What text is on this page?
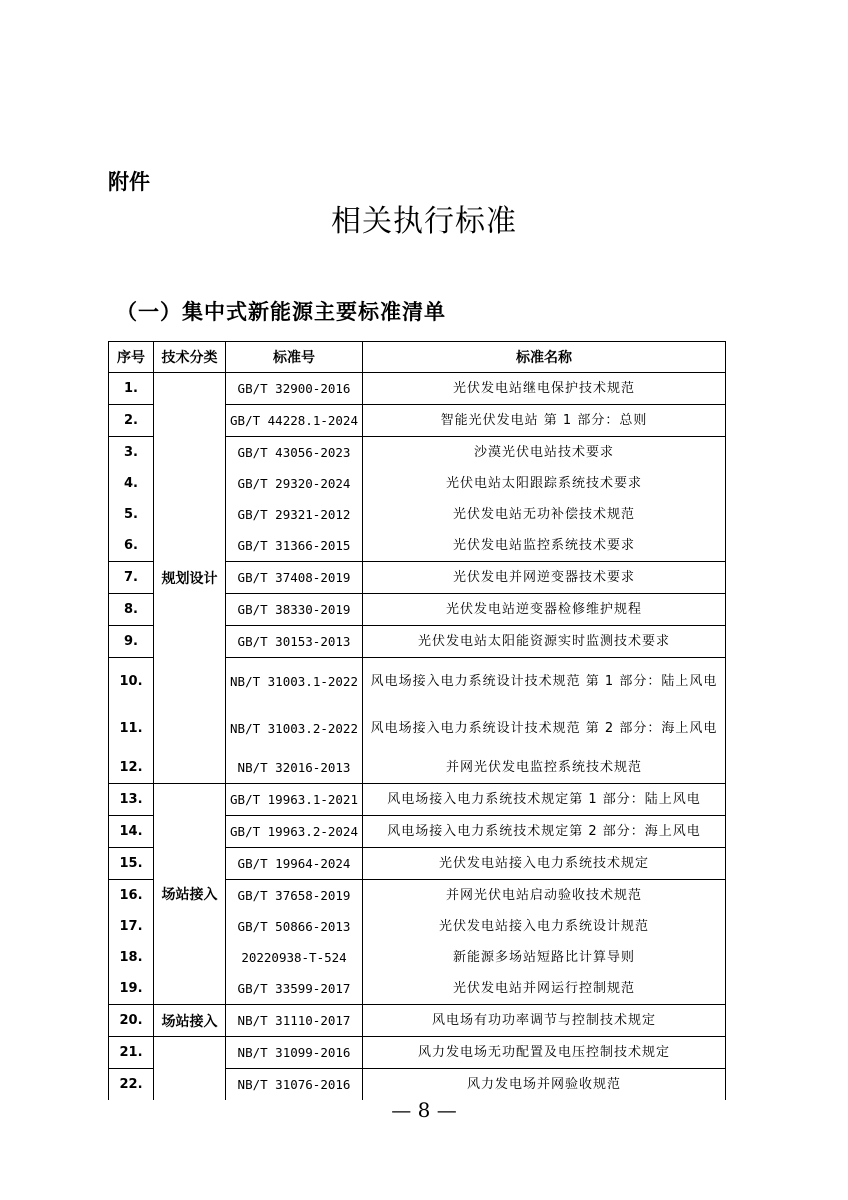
附件
相关执行标准
（一）集中式新能源主要标准清单
序号	技术分类	标准号	标准名称
1.	规划设计	GB/T 32900-2016	光伏发电站继电保护技术规范
2.		GB/T 44228.1-2024	智能光伏发电站 第 1 部分：总则
3.		GB/T 43056-2023	沙漠光伏电站技术要求
4.		GB/T 29320-2024	光伏电站太阳跟踪系统技术要求
5.		GB/T 29321-2012	光伏发电站无功补偿技术规范
6.		GB/T 31366-2015	光伏发电站监控系统技术要求
7.		GB/T 37408-2019	光伏发电并网逆变器技术要求
8.		GB/T 38330-2019	光伏发电站逆变器检修维护规程
9.		GB/T 30153-2013	光伏发电站太阳能资源实时监测技术要求
10.		NB/T 31003.1-2022	风电场接入电力系统设计技术规范 第 1 部分：陆上风电
11.		NB/T 31003.2-2022	风电场接入电力系统设计技术规范 第 2 部分：海上风电
12.		NB/T 32016-2013	并网光伏发电监控系统技术规范
13.	场站接入	GB/T 19963.1-2021	风电场接入电力系统技术规定第 1 部分：陆上风电
14.		GB/T 19963.2-2024	风电场接入电力系统技术规定第 2 部分：海上风电
15.		GB/T 19964-2024	光伏发电站接入电力系统技术规定
16.		GB/T 37658-2019	并网光伏电站启动验收技术规范
17.		GB/T 50866-2013	光伏发电站接入电力系统设计规范
18.		20220938-T-524	新能源多场站短路比计算导则
19.		GB/T 33599-2017	光伏发电站并网运行控制规范
20.	场站接入	NB/T 31110-2017	风电场有功功率调节与控制技术规定
21.		NB/T 31099-2016	风力发电场无功配置及电压控制技术规定
22.		NB/T 31076-2016	风力发电场并网验收规范
— 8 —
